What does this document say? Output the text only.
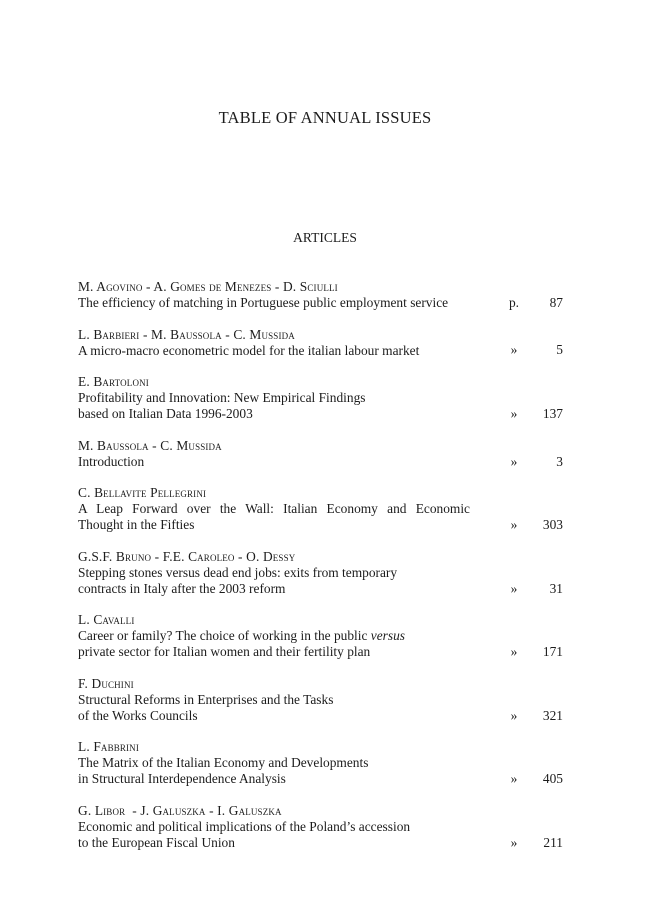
TABLE OF ANNUAL ISSUES
ARTICLES
M. Agovino - A. Gomes de Menezes - D. Sciulli
The efficiency of matching in Portuguese public employment service	p. 87
L. Barbieri - M. Baussola - C. Mussida
A micro-macro econometric model for the italian labour market	»	5
E. Bartoloni
Profitability and Innovation: New Empirical Findings
based on Italian Data 1996-2003	»	137
M. Baussola - C. Mussida
Introduction	»	3
C. Bellavite Pellegrini
A Leap Forward over the Wall: Italian Economy and Economic
Thought in the Fifties	»	303
G.S.F. Bruno - F.E. Caroleo - O. Dessy
Stepping stones versus dead end jobs: exits from temporary
contracts in Italy after the 2003 reform	»	31
L. Cavalli
Career or family? The choice of working in the public versus
private sector for Italian women and their fertility plan	»	171
F. Duchini
Structural Reforms in Enterprises and the Tasks
of the Works Councils	»	321
L. Fabbrini
The Matrix of the Italian Economy and Developments
in Structural Interdependence Analysis	»	405
G. Libor  - J. Galuszka - I. Galuszka
Economic and political implications of the Poland’s accession
to the European Fiscal Union	»	211
